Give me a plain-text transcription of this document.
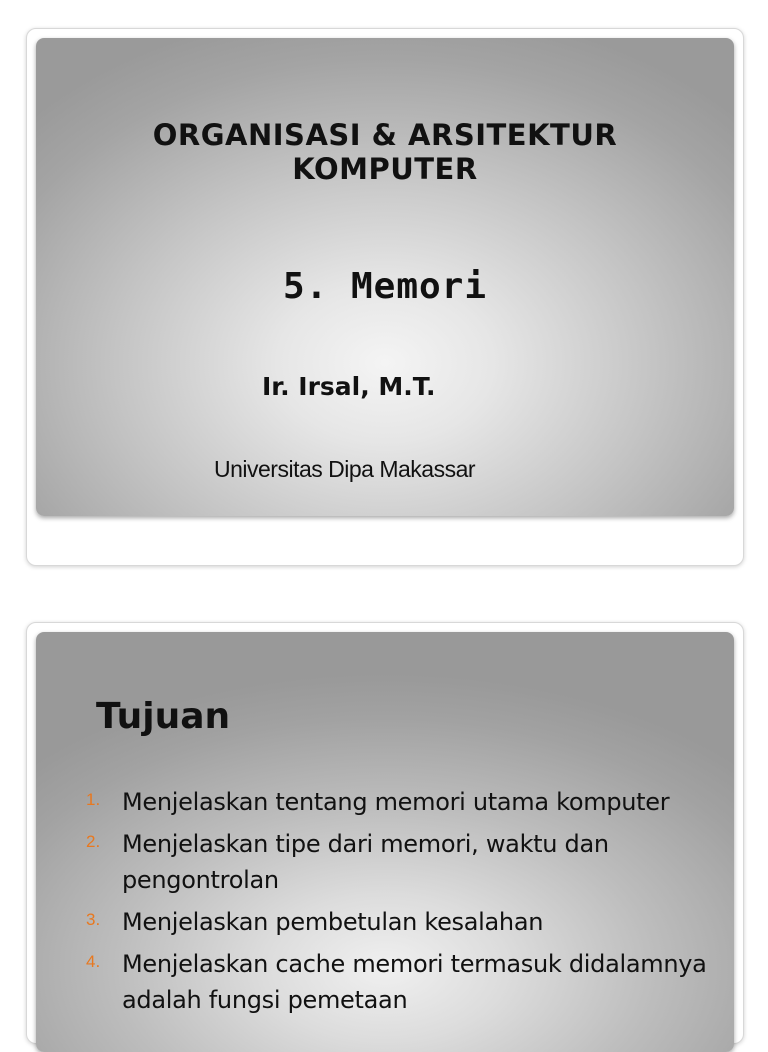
ORGANISASI & ARSITEKTUR
KOMPUTER
5. Memori
Ir. Irsal, M.T.
Universitas Dipa Makassar
Tujuan
1. Menjelaskan tentang memori utama komputer
2. Menjelaskan tipe dari memori, waktu dan pengontrolan
3. Menjelaskan pembetulan kesalahan
4. Menjelaskan cache memori termasuk didalamnya adalah fungsi pemetaan
